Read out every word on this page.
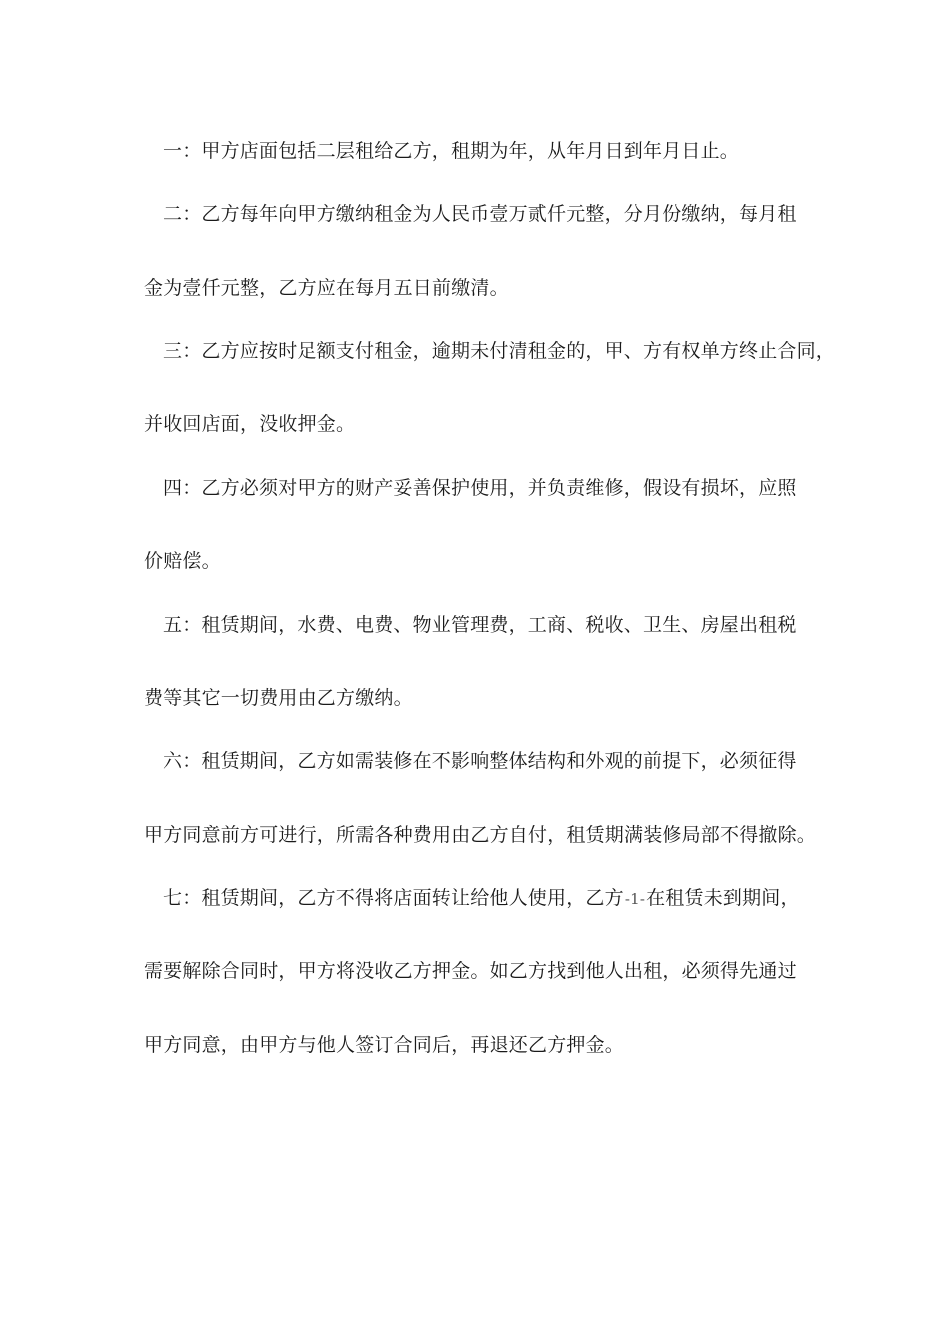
一：甲方店面包括二层租给乙方，租期为年，从年月日到年月日止。
二：乙方每年向甲方缴纳租金为人民币壹万贰仟元整，分月份缴纳，每月租
金为壹仟元整，乙方应在每月五日前缴清。
三：乙方应按时足额支付租金，逾期未付清租金的，甲、方有权单方终止合同，
并收回店面，没收押金。
四：乙方必须对甲方的财产妥善保护使用，并负责维修，假设有损坏，应照
价赔偿。
五：租赁期间，水费、电费、物业管理费，工商、税收、卫生、房屋出租税
费等其它一切费用由乙方缴纳。
六：租赁期间，乙方如需装修在不影响整体结构和外观的前提下，必须征得
甲方同意前方可进行，所需各种费用由乙方自付，租赁期满装修局部不得撤除。
七：租赁期间，乙方不得将店面转让给他人使用，乙方-1-在租赁未到期间，
需要解除合同时，甲方将没收乙方押金。如乙方找到他人出租，必须得先通过
甲方同意，由甲方与他人签订合同后，再退还乙方押金。
